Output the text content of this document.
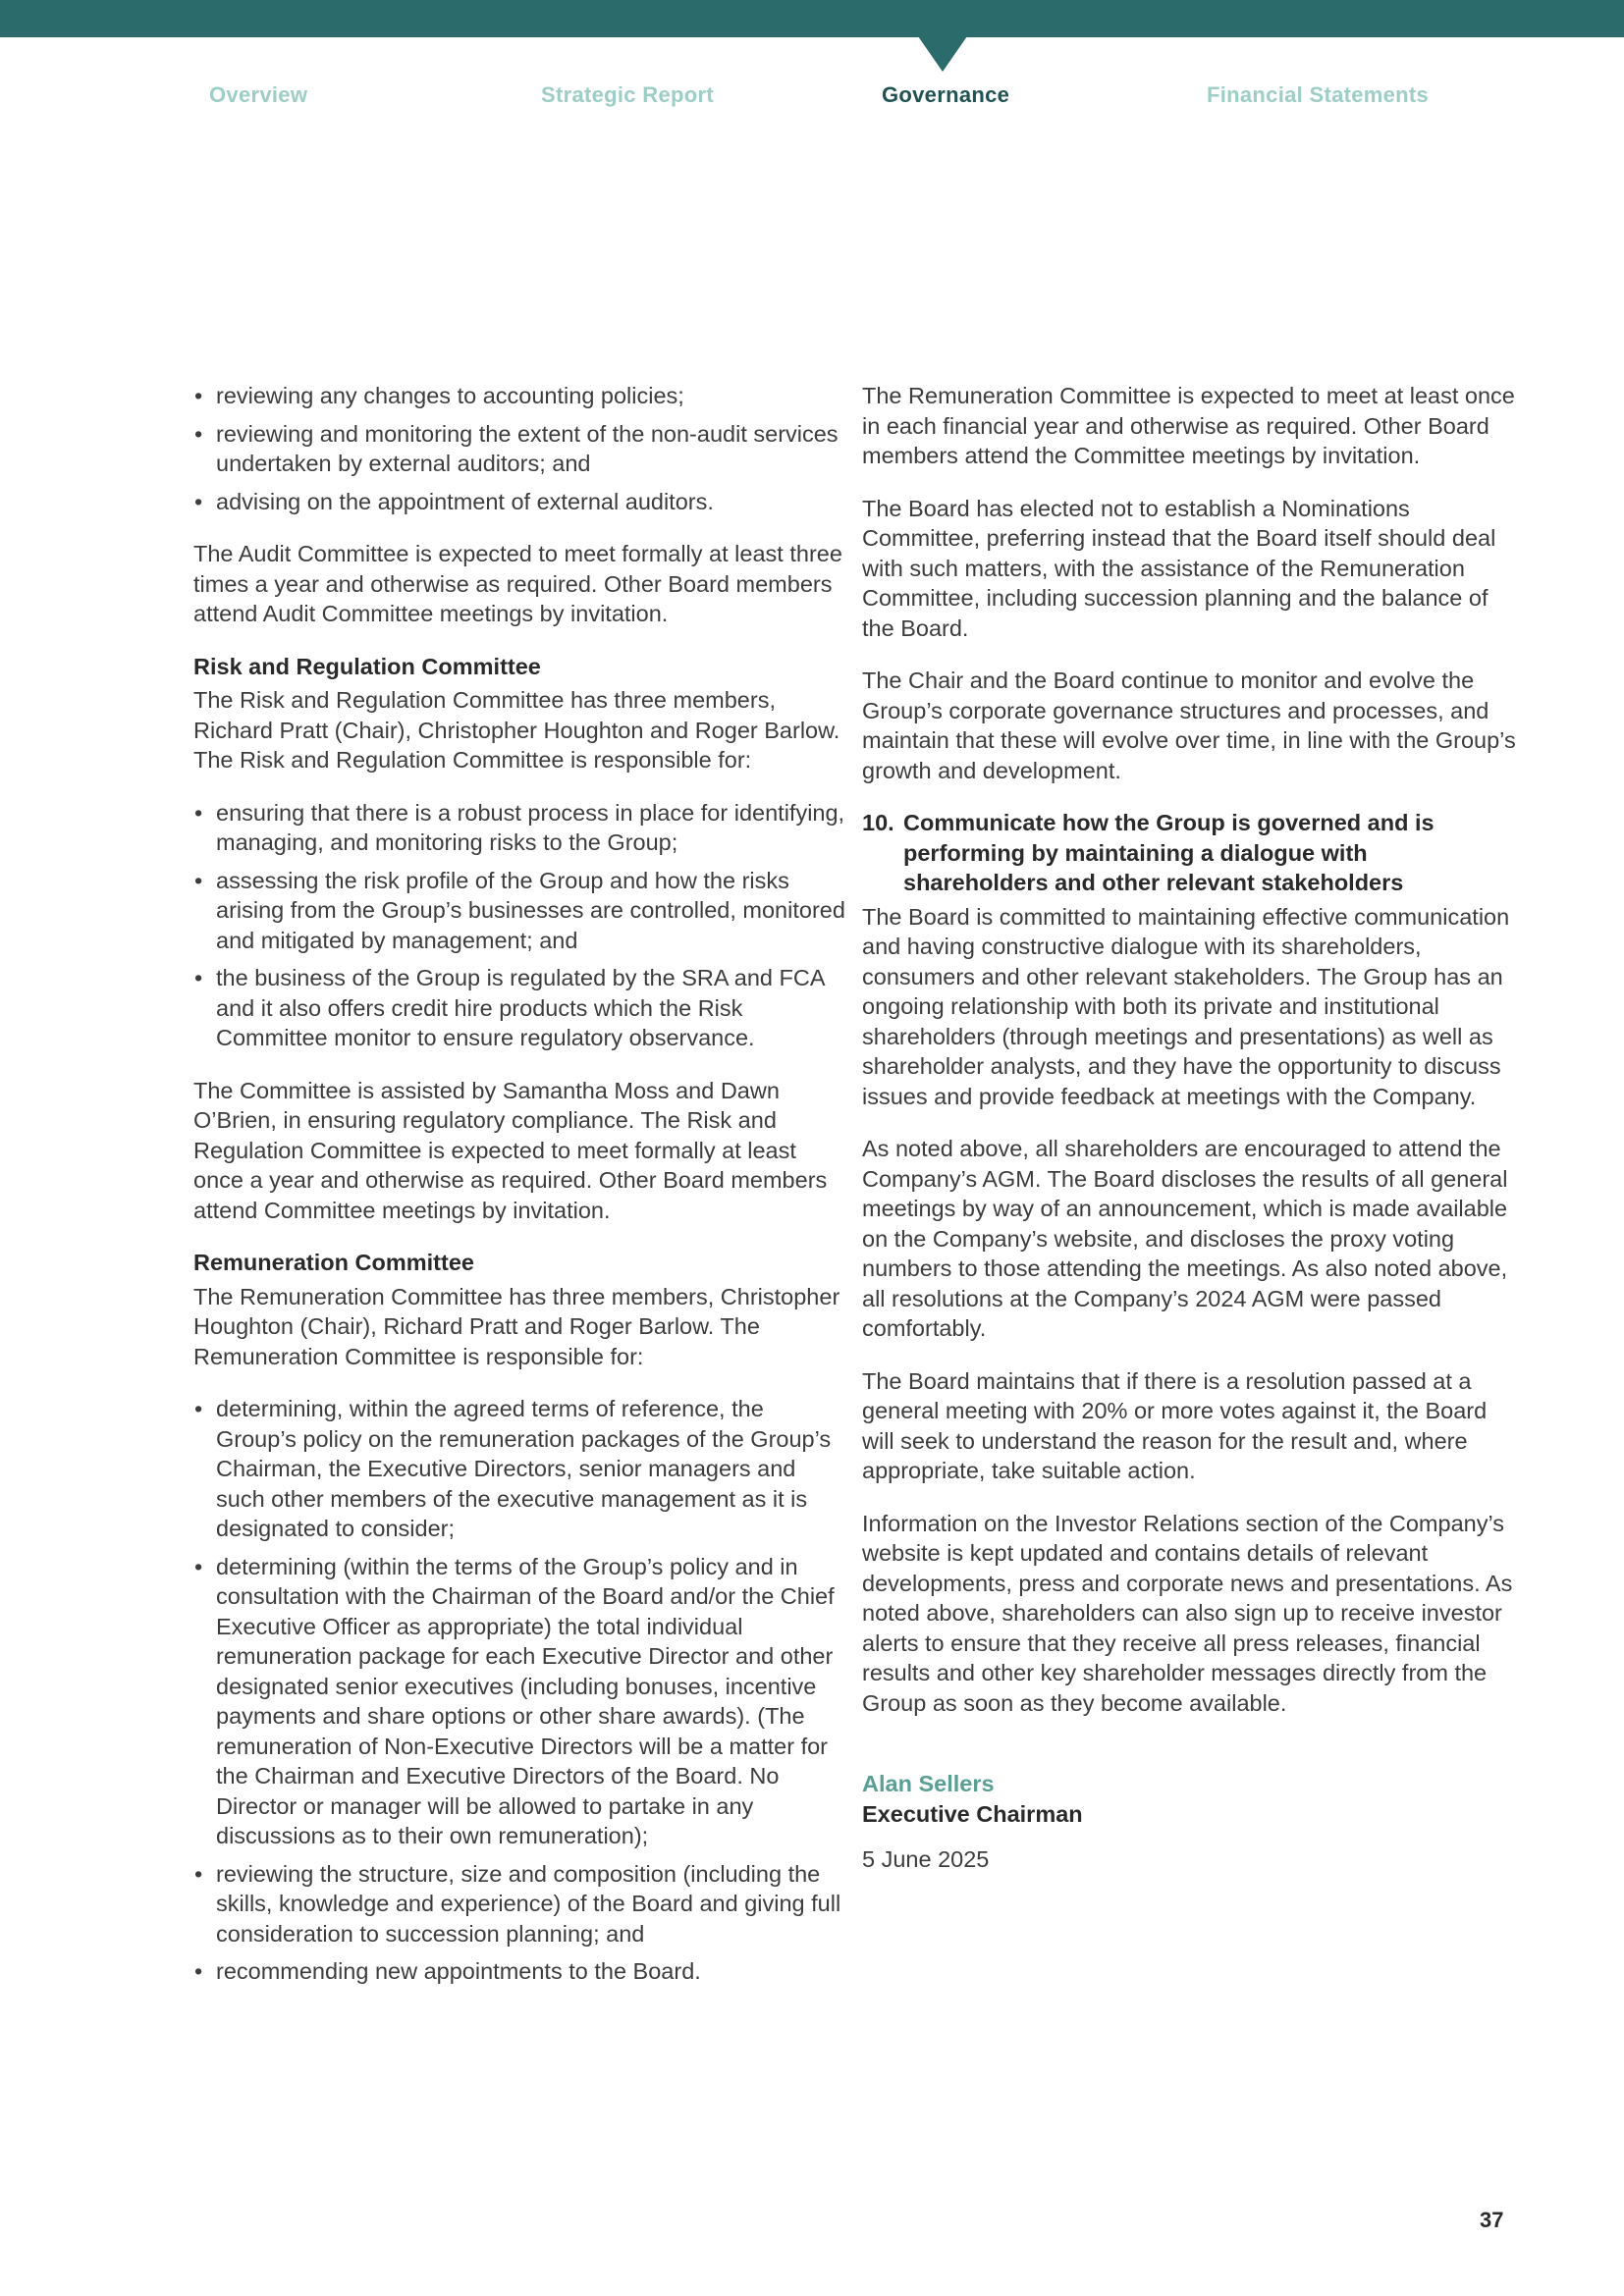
Overview	Strategic Report	Governance	Financial Statements
• reviewing any changes to accounting policies;
• reviewing and monitoring the extent of the non-audit services undertaken by external auditors; and
• advising on the appointment of external auditors.

The Audit Committee is expected to meet formally at least three times a year and otherwise as required. Other Board members attend Audit Committee meetings by invitation.

Risk and Regulation Committee

The Risk and Regulation Committee has three members, Richard Pratt (Chair), Christopher Houghton and Roger Barlow. The Risk and Regulation Committee is responsible for:

• ensuring that there is a robust process in place for identifying, managing, and monitoring risks to the Group;
• assessing the risk profile of the Group and how the risks arising from the Group’s businesses are controlled, monitored and mitigated by management; and
• the business of the Group is regulated by the SRA and FCA and it also offers credit hire products which the Risk Committee monitor to ensure regulatory observance.

The Committee is assisted by Samantha Moss and Dawn O’Brien, in ensuring regulatory compliance. The Risk and Regulation Committee is expected to meet formally at least once a year and otherwise as required. Other Board members attend Committee meetings by invitation.

Remuneration Committee

The Remuneration Committee has three members, Christopher Houghton (Chair), Richard Pratt and Roger Barlow. The Remuneration Committee is responsible for:

• determining, within the agreed terms of reference, the Group’s policy on the remuneration packages of the Group’s Chairman, the Executive Directors, senior managers and such other members of the executive management as it is designated to consider;
• determining (within the terms of the Group’s policy and in consultation with the Chairman of the Board and/or the Chief Executive Officer as appropriate) the total individual remuneration package for each Executive Director and other designated senior executives (including bonuses, incentive payments and share options or other share awards). (The remuneration of Non-Executive Directors will be a matter for the Chairman and Executive Directors of the Board. No Director or manager will be allowed to partake in any discussions as to their own remuneration);
• reviewing the structure, size and composition (including the skills, knowledge and experience) of the Board and giving full consideration to succession planning; and
• recommending new appointments to the Board.

The Remuneration Committee is expected to meet at least once in each financial year and otherwise as required. Other Board members attend the Committee meetings by invitation.

The Board has elected not to establish a Nominations Committee, preferring instead that the Board itself should deal with such matters, with the assistance of the Remuneration Committee, including succession planning and the balance of the Board.

The Chair and the Board continue to monitor and evolve the Group’s corporate governance structures and processes, and maintain that these will evolve over time, in line with the Group’s growth and development.

10. Communicate how the Group is governed and is performing by maintaining a dialogue with shareholders and other relevant stakeholders

The Board is committed to maintaining effective communication and having constructive dialogue with its shareholders, consumers and other relevant stakeholders. The Group has an ongoing relationship with both its private and institutional shareholders (through meetings and presentations) as well as shareholder analysts, and they have the opportunity to discuss issues and provide feedback at meetings with the Company.

As noted above, all shareholders are encouraged to attend the Company’s AGM. The Board discloses the results of all general meetings by way of an announcement, which is made available on the Company’s website, and discloses the proxy voting numbers to those attending the meetings. As also noted above, all resolutions at the Company’s 2024 AGM were passed comfortably.

The Board maintains that if there is a resolution passed at a general meeting with 20% or more votes against it, the Board will seek to understand the reason for the result and, where appropriate, take suitable action.

Information on the Investor Relations section of the Company’s website is kept updated and contains details of relevant developments, press and corporate news and presentations. As noted above, shareholders can also sign up to receive investor alerts to ensure that they receive all press releases, financial results and other key shareholder messages directly from the Group as soon as they become available.

Alan Sellers
Executive Chairman
5 June 2025
37
